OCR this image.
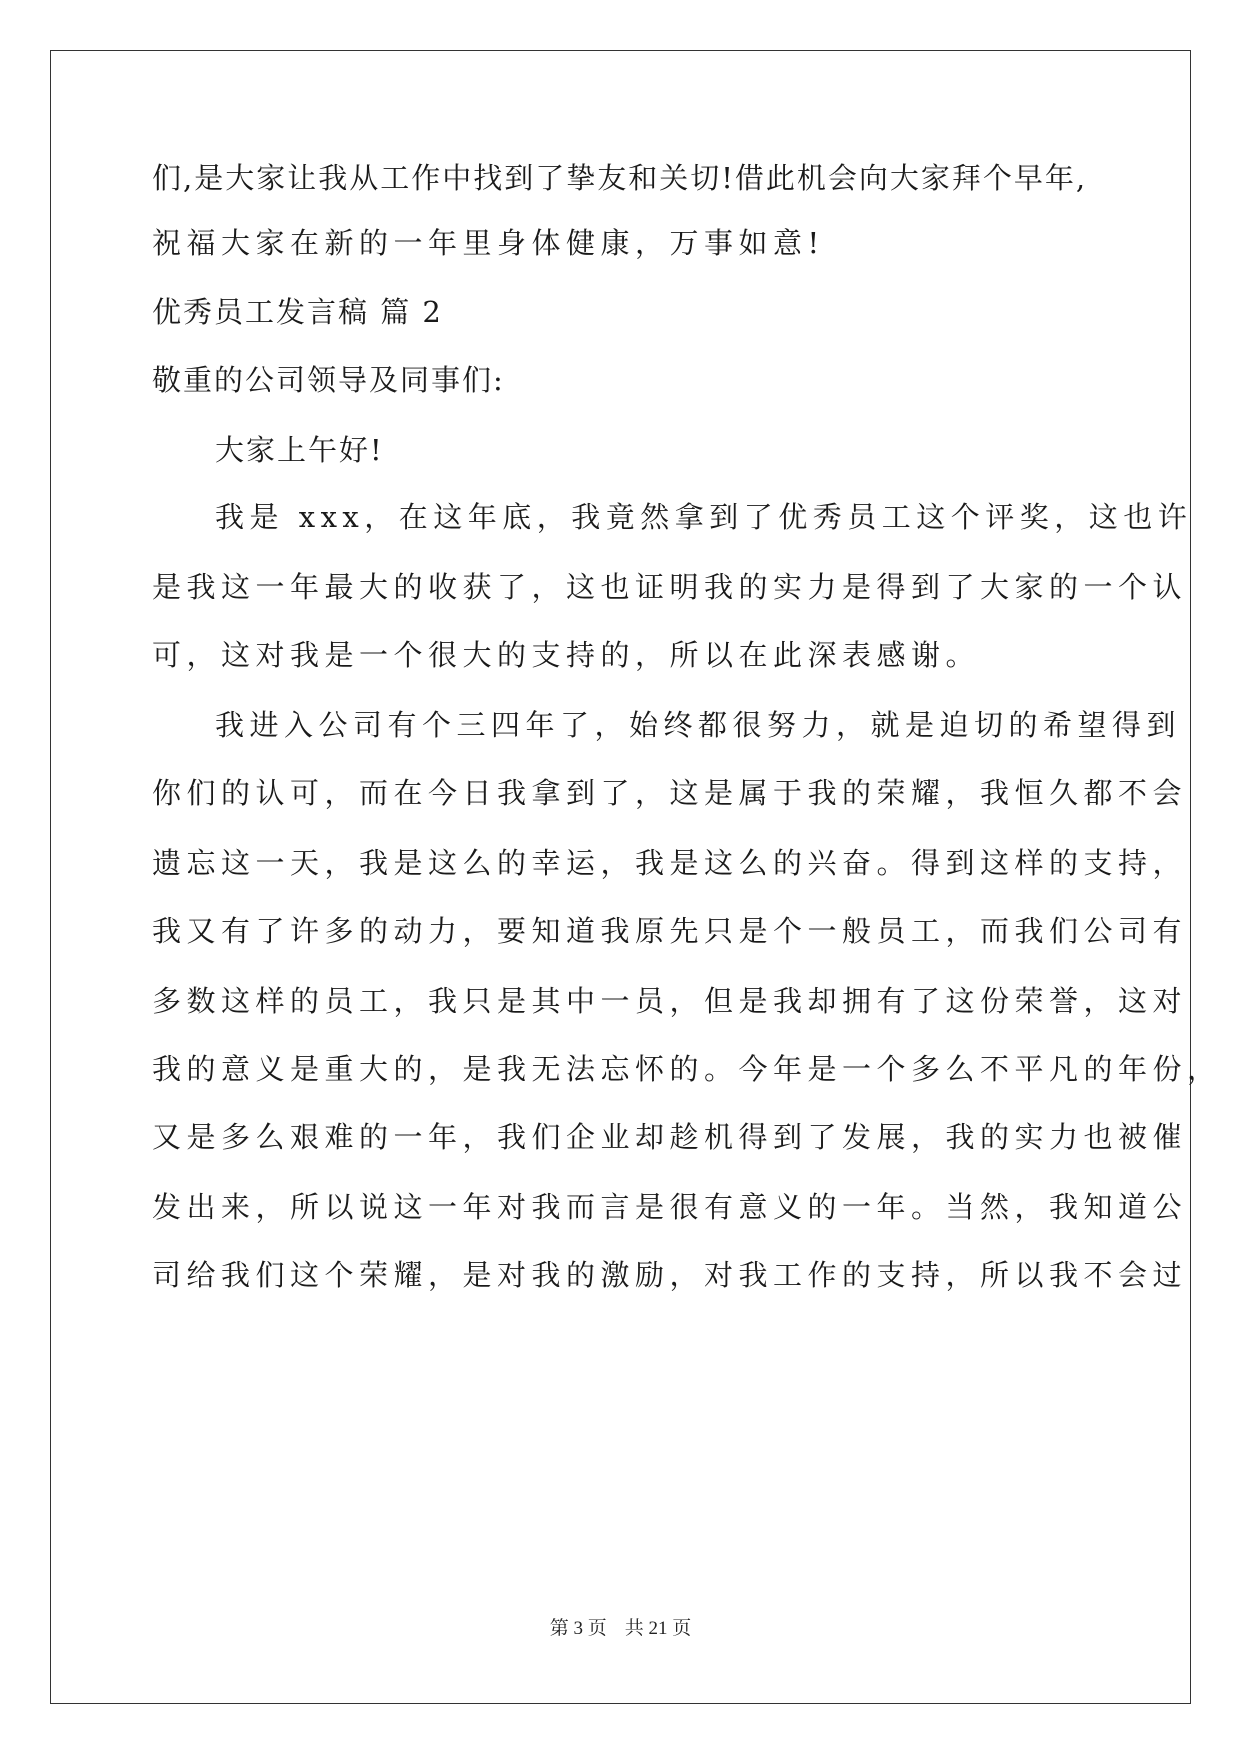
们,是大家让我从工作中找到了挚友和关切!借此机会向大家拜个早年,
祝福大家在新的一年里身体健康，万事如意!
优秀员工发言稿 篇 2
敬重的公司领导及同事们:
大家上午好!
我是 xxx，在这年底，我竟然拿到了优秀员工这个评奖，这也许
是我这一年最大的收获了，这也证明我的实力是得到了大家的一个认
可，这对我是一个很大的支持的，所以在此深表感谢。
我进入公司有个三四年了，始终都很努力，就是迫切的希望得到
你们的认可，而在今日我拿到了，这是属于我的荣耀，我恒久都不会
遗忘这一天，我是这么的幸运，我是这么的兴奋。得到这样的支持，
我又有了许多的动力，要知道我原先只是个一般员工，而我们公司有
多数这样的员工，我只是其中一员，但是我却拥有了这份荣誉，这对
我的意义是重大的，是我无法忘怀的。今年是一个多么不平凡的年份，
又是多么艰难的一年，我们企业却趁机得到了发展，我的实力也被催
发出来，所以说这一年对我而言是很有意义的一年。当然，我知道公
司给我们这个荣耀，是对我的激励，对我工作的支持，所以我不会过
第 3 页 共 21 页
